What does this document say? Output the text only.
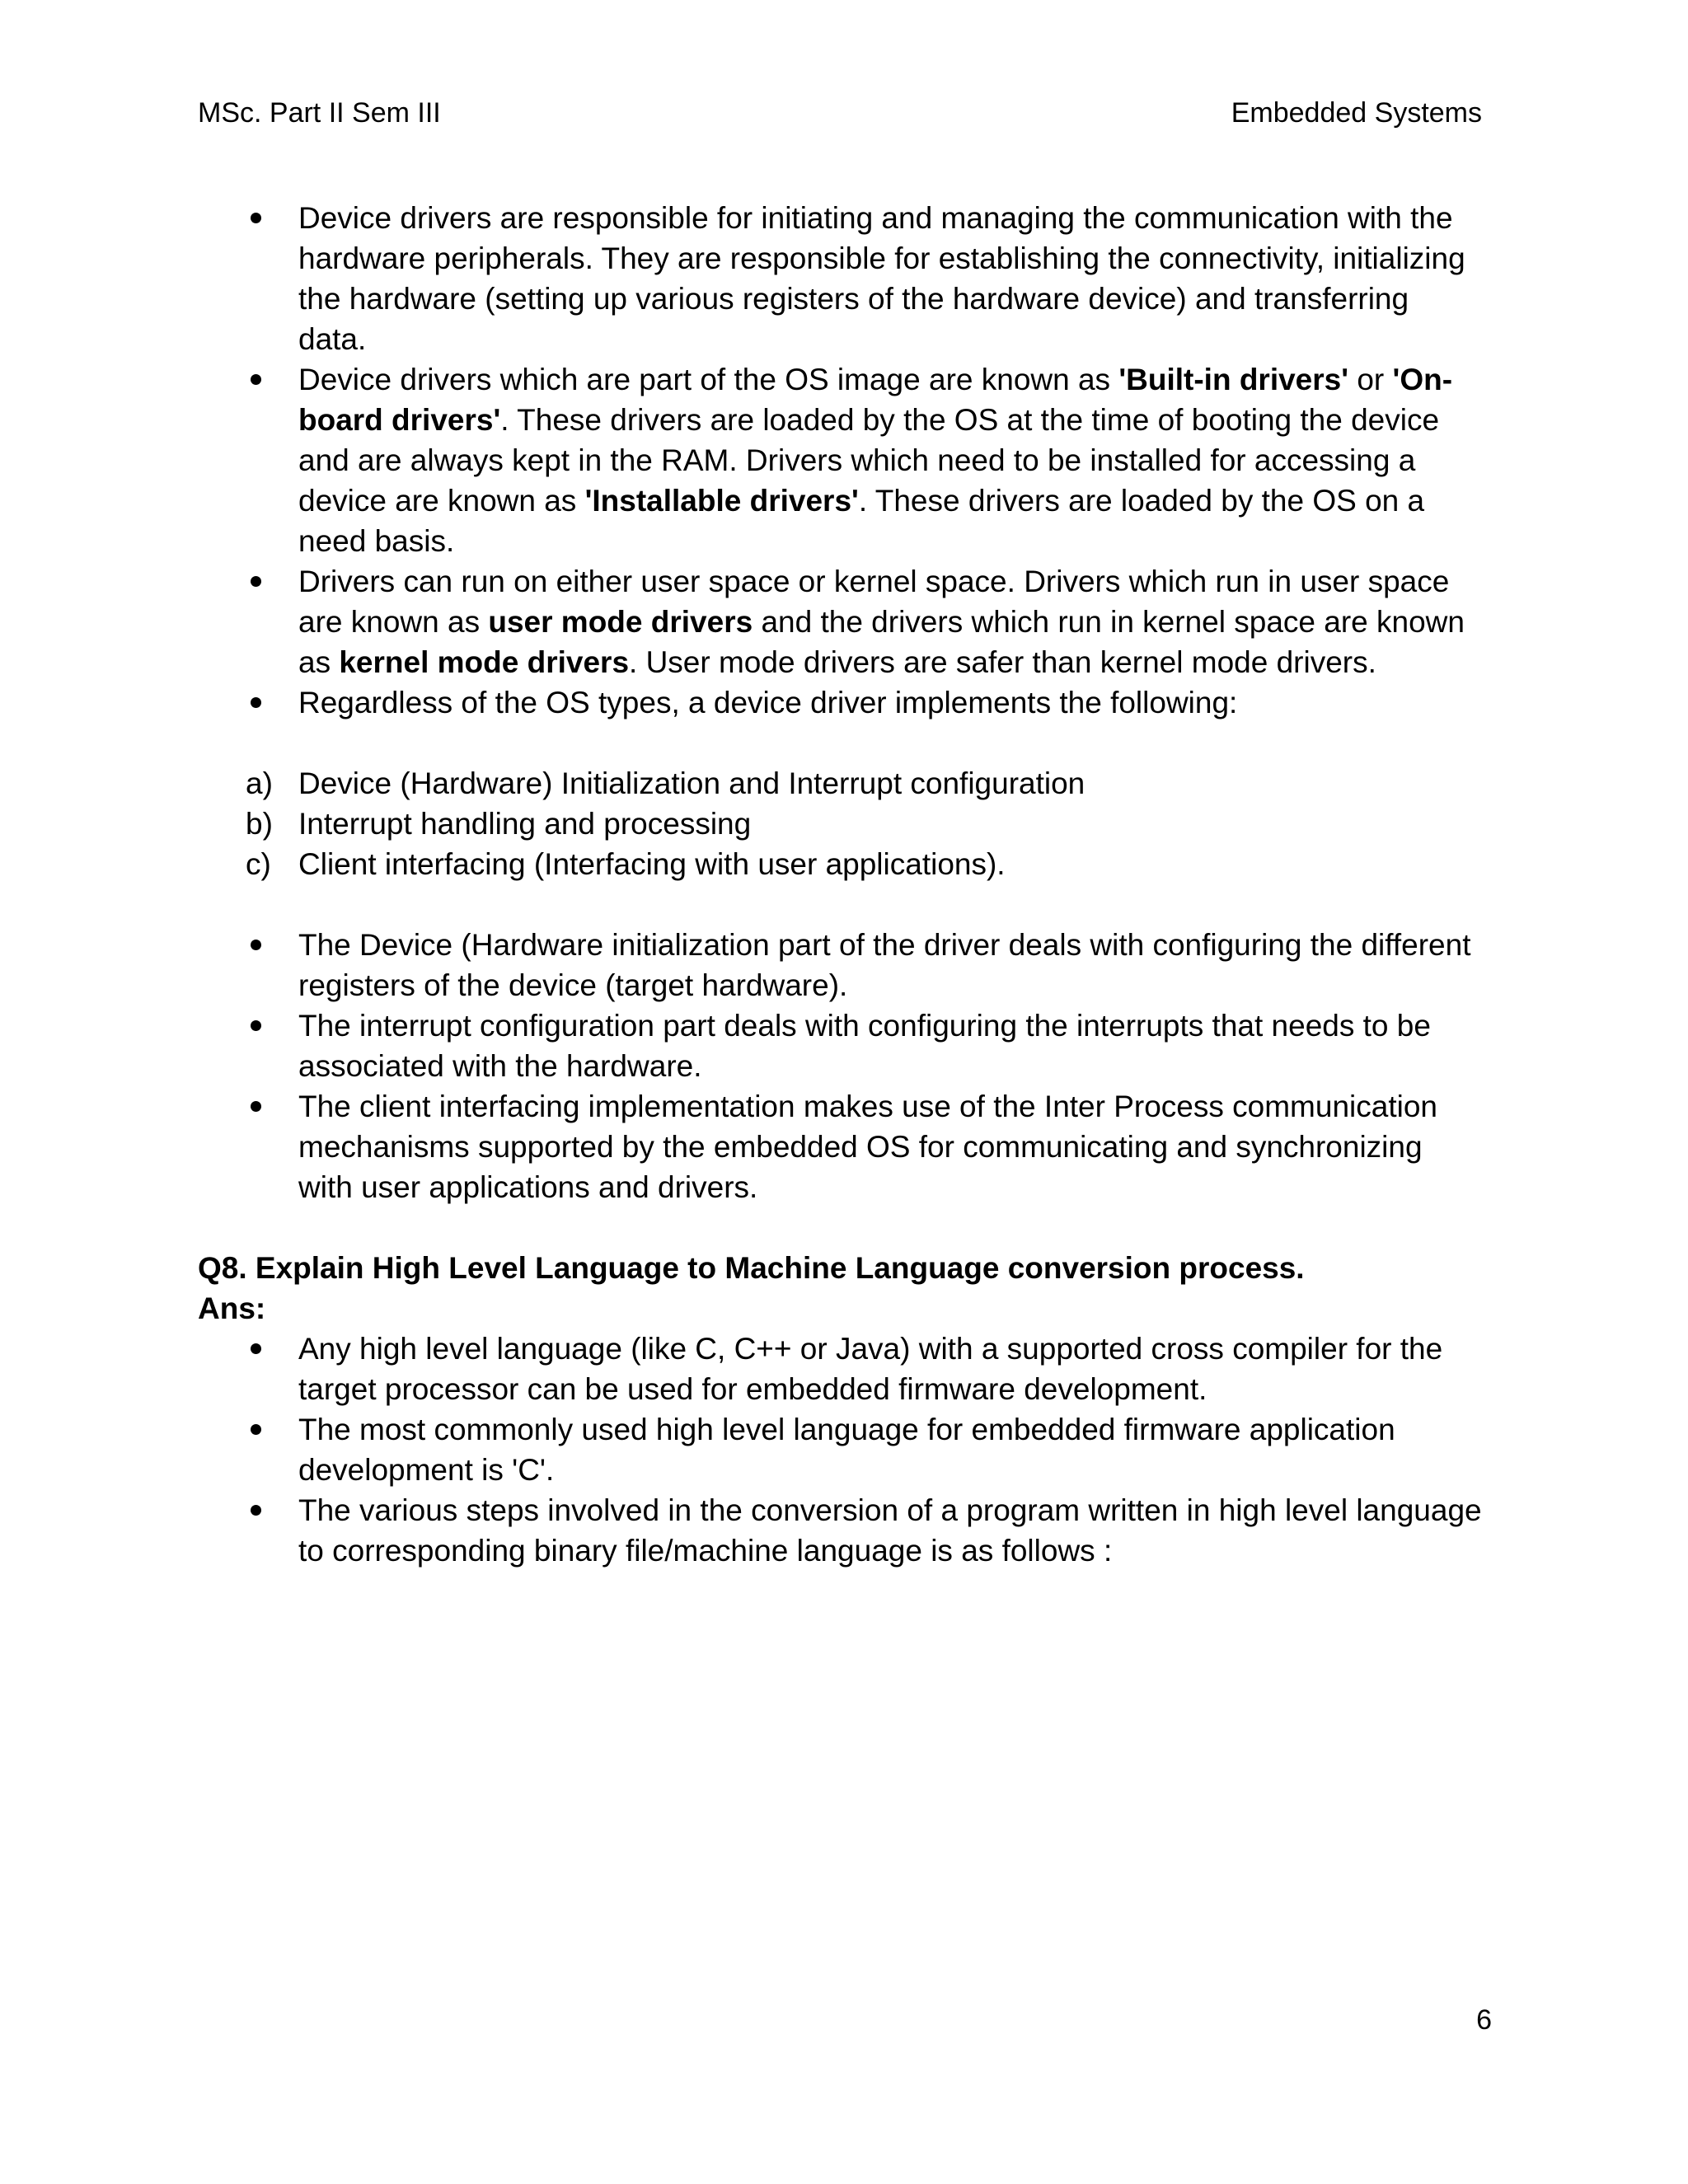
MSc. Part II Sem III	Embedded Systems

Device drivers are responsible for initiating and managing the communication with the hardware peripherals. They are responsible for establishing the connectivity, initializing the hardware (setting up various registers of the hardware device) and transferring data.

Device drivers which are part of the OS image are known as 'Built-in drivers' or 'On-board drivers'. These drivers are loaded by the OS at the time of booting the device and are always kept in the RAM. Drivers which need to be installed for accessing a device are known as 'Installable drivers'. These drivers are loaded by the OS on a need basis.

Drivers can run on either user space or kernel space. Drivers which run in user space are known as user mode drivers and the drivers which run in kernel space are known as kernel mode drivers. User mode drivers are safer than kernel mode drivers.

Regardless of the OS types, a device driver implements the following:

a) Device (Hardware) Initialization and Interrupt configuration

b) Interrupt handling and processing

c) Client interfacing (Interfacing with user applications).

The Device (Hardware initialization part of the driver deals with configuring the different registers of the device (target hardware).

The interrupt configuration part deals with configuring the interrupts that needs to be associated with the hardware.

The client interfacing implementation makes use of the Inter Process communication mechanisms supported by the embedded OS for communicating and synchronizing with user applications and drivers.

Q8. Explain High Level Language to Machine Language conversion process.

Ans:

Any high level language (like C, C++ or Java) with a supported cross compiler for the target processor can be used for embedded firmware development.

The most commonly used high level language for embedded firmware application development is 'C'.

The various steps involved in the conversion of a program written in high level language to corresponding binary file/machine language is as follows :

6
